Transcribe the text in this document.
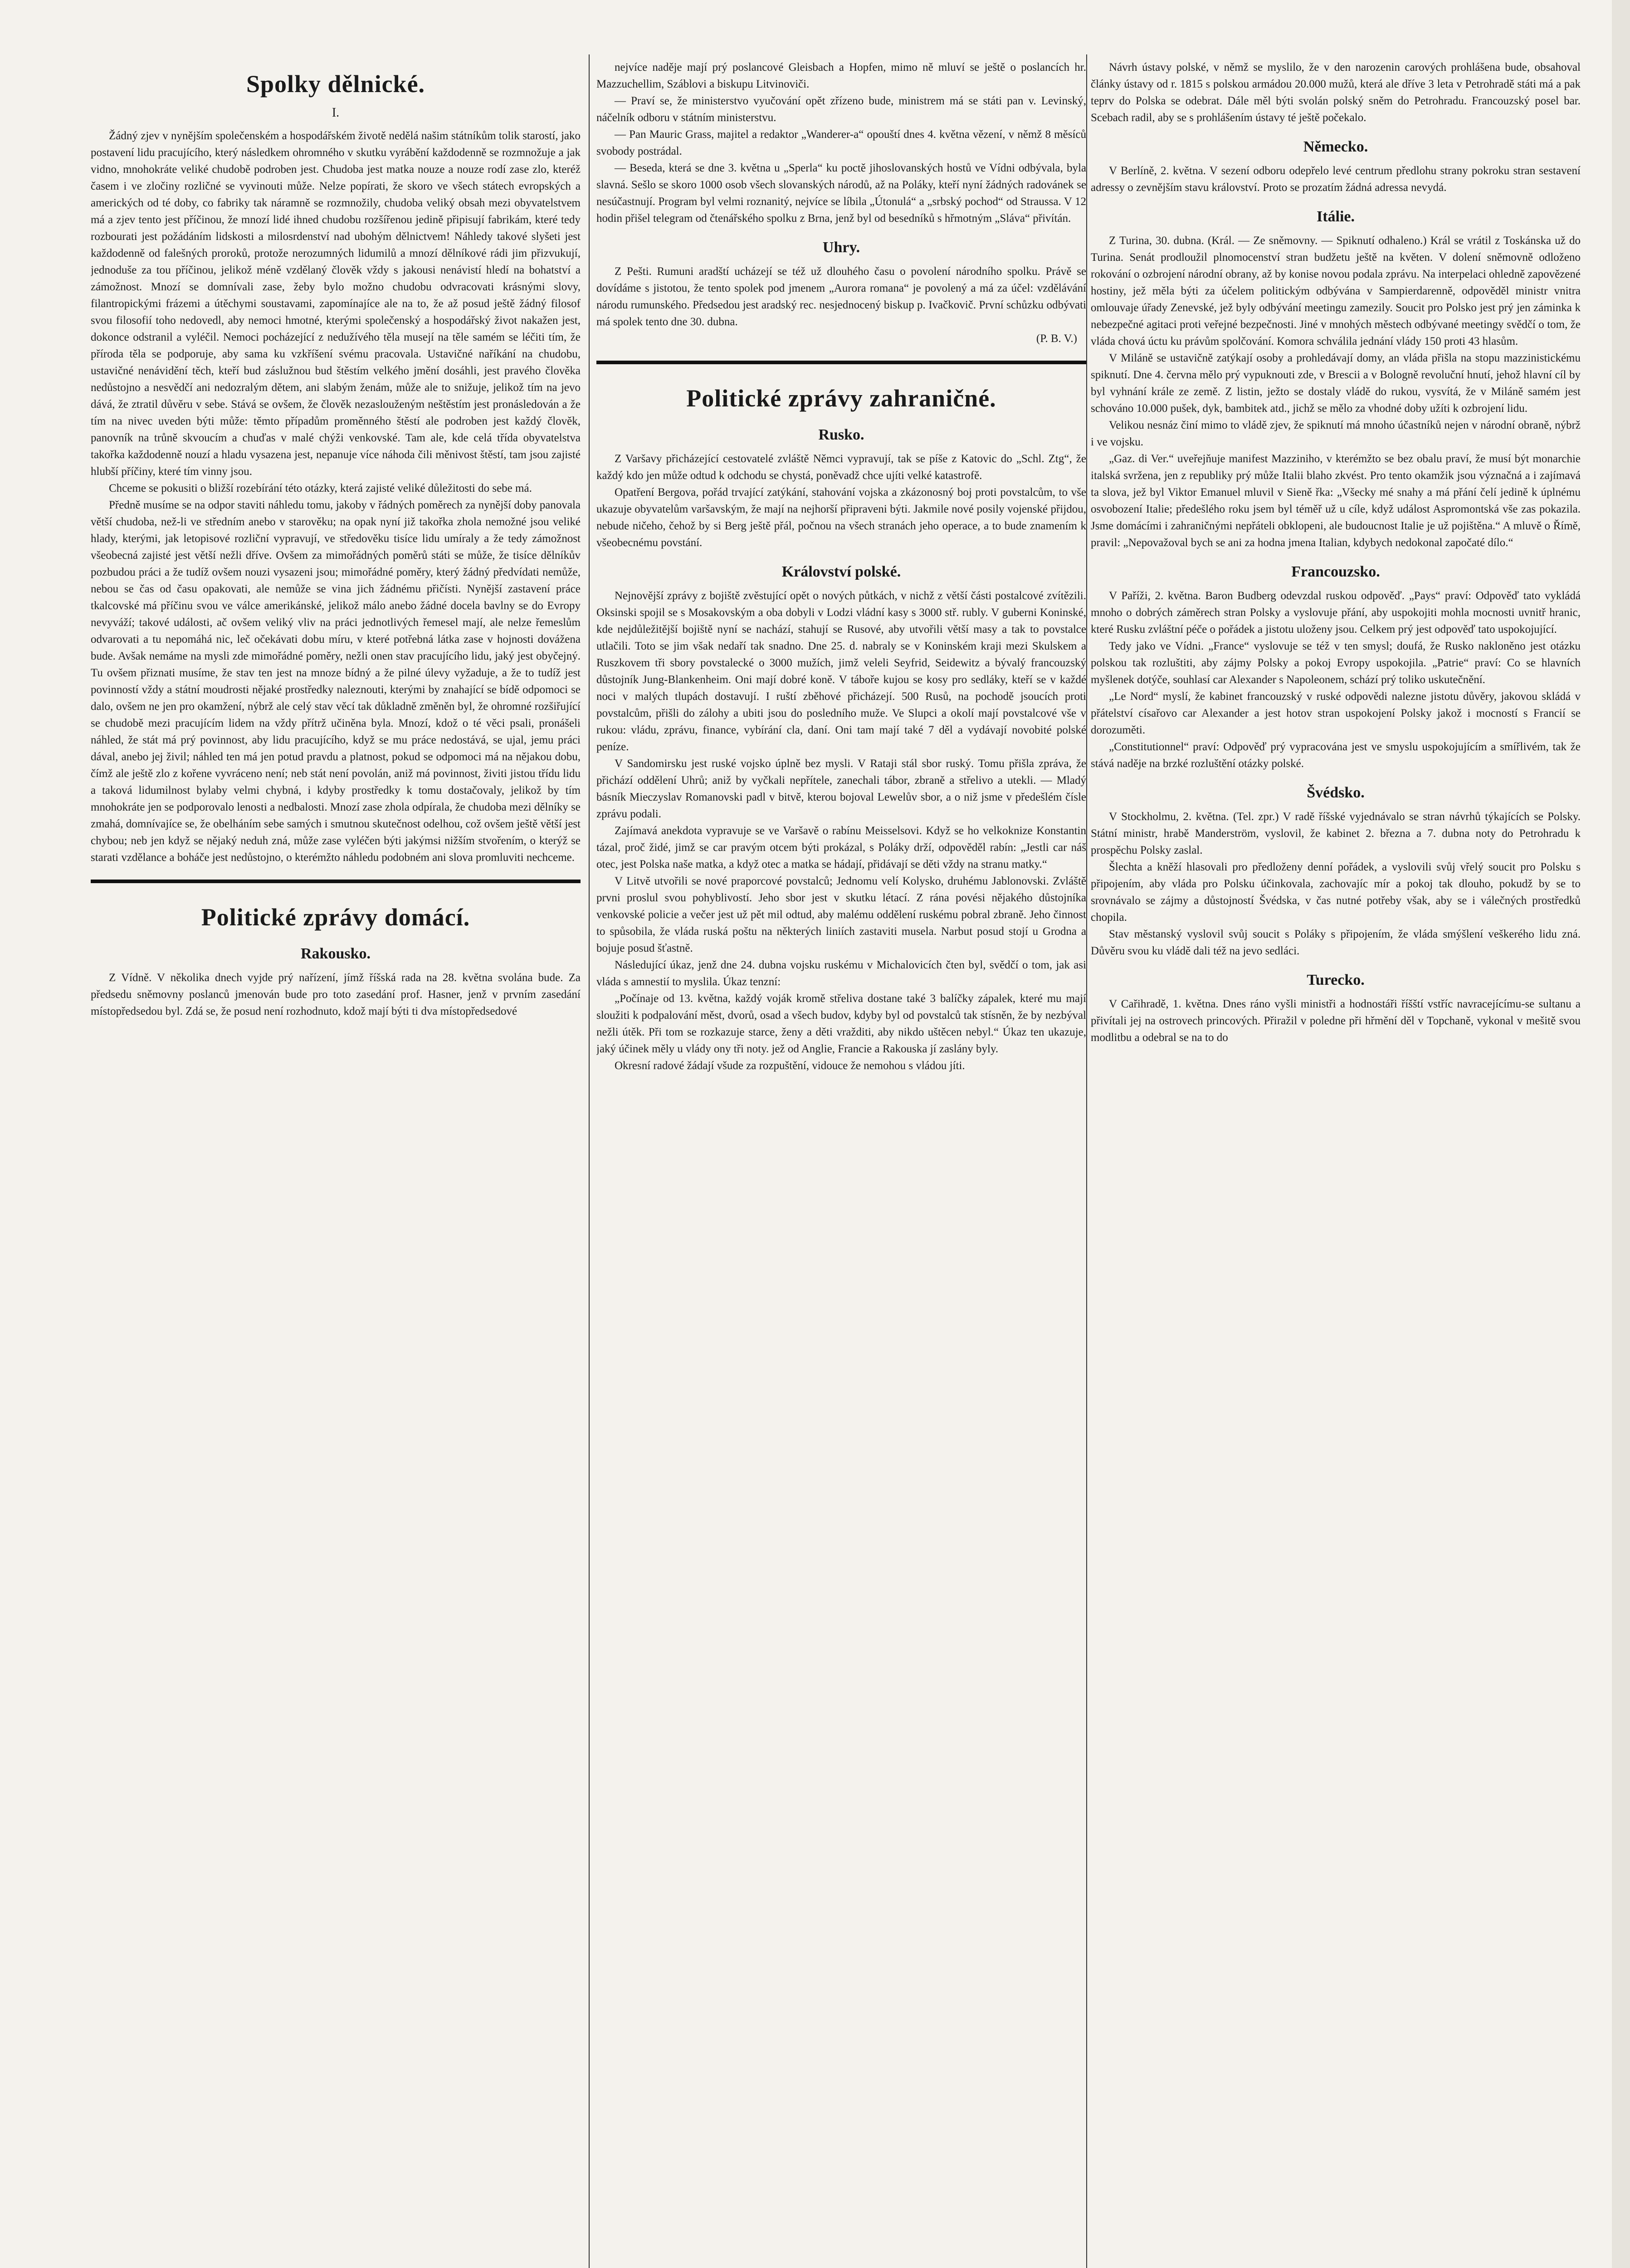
Spolky dělnické.
I.

Žádný zjev v nynějším společenském a hospodářském životě nedělá našim státníkům tolik starostí, jako postavení lidu pracujícího, který následkem ohromného v skutku vyrábění každodenně se rozmnožuje a jak vidno, mnohokráte veliké chudobě podroben jest. Chudoba jest matka nouze a nouze rodí zase zlo, kteréž časem i ve zločiny rozličné se vyvinouti může. Nelze popírati, že skoro ve všech státech evropských a amerických od té doby, co fabriky tak náramně se rozmnožily, chudoba veliký obsah mezi obyvatelstvem má a zjev tento jest příčinou, že mnozí lidé ihned chudobu rozšířenou jedině připisují fabrikám, které tedy rozbourati jest požádáním lidskosti a milosrdenství nad ubohým dělnictvem! Náhledy takové slyšeti jest každodenně od falešných proroků, protože nerozumných lidumilů a mnozí dělníkové rádi jim přizvukují, jednoduše za tou příčinou, jelikož méně vzdělaný člověk vždy s jakousi nenávistí hledí na bohatství a zámožnost. Mnozí se domnívali zase, žeby bylo možno chudobu odvracovati krásnými slovy, filantropickými frázemi a útěchymi soustavami, zapomínajíce ale na to, že až posud ještě žádný filosof svou filosofií toho nedovedl, aby nemoci hmotné, kterými společenský a hospodářský život nakažen jest, dokonce odstranil a vyléčil. Nemoci pocházející z nedužívého těla musejí na těle samém se léčiti tím, že příroda těla se podporuje, aby sama ku vzkříšení svému pracovala. Ustavičné naříkání na chudobu, ustavičné nenávidění těch, kteří bud záslužnou bud štěstím velkého jmění dosáhli, jest pravého člověka nedůstojno a nesvědčí ani nedozralým dětem, ani slabým ženám, může ale to snižuje, jelikož tím na jevo dává, že ztratil důvěru v sebe. Stává se ovšem, že člověk nezaslouženým neštěstím jest pronásledován a že tím na nivec uveden býti může: těmto případům proměnného štěstí ale podroben jest každý člověk, panovník na trůně skvoucím a chuďas v malé chýži venkovské. Tam ale, kde celá třída obyvatelstva takořka každodenně nouzí a hladu vysazena jest, nepanuje více náhoda čili měnivost štěstí, tam jsou zajisté hlubší příčiny, které tím vinny jsou.

Chceme se pokusiti o bližší rozebírání této otázky, která zajisté veliké důležitosti do sebe má.

Předně musíme se na odpor staviti náhledu tomu, jakoby v řádných poměrech za nynější doby panovala větší chudoba, než-li ve středním anebo v starověku; na opak nyní již takořka zhola nemožné jsou veliké hlady, kterými, jak letopisové rozliční vypravují, ve středověku tisíce lidu umíraly a že tedy zámožnost všeobecná zajisté jest větší nežli dříve. Ovšem za mimořádných poměrů státi se může, že tisíce dělníkův pozbudou práci a že tudíž ovšem nouzi vysazeni jsou; mimořádné poměry, který žádný předvídati nemůže, nebou se čas od času opakovati, ale nemůže se vina jich žádnému přičísti. Nynější zastavení práce tkalcovské má příčinu svou ve válce amerikánské, jelikož málo anebo žádné docela bavlny se do Evropy nevyváží; takové události, ač ovšem veliký vliv na práci jednotlivých řemesel mají, ale nelze řemeslům odvarovati a tu nepomáhá nic, leč očekávati dobu míru, v které potřebná látka zase v hojnosti dovážena bude. Avšak nemáme na mysli zde mimořádné poměry, nežli onen stav pracujícího lidu, jaký jest obyčejný. Tu ovšem přiznati musíme, že stav ten jest na mnoze bídný a že pilné úlevy vyžaduje, a že to tudíž jest povinností vždy a státní moudrosti nějaké prostředky naleznouti, kterými by znahající se bídě odpomoci se dalo, ovšem ne jen pro okamžení, nýbrž ale celý stav věcí tak důkladně změněn byl, že ohromné rozšiřující se chudobě mezi pracujícím lidem na vždy přítrž učiněna byla. Mnozí, kdož o té věci psali, pronášeli náhled, že stát má prý povinnost, aby lidu pracujícího, když se mu práce nedostává, se ujal, jemu práci dával, anebo jej živil; náhled ten má jen potud pravdu a platnost, pokud se odpomoci má na nějakou dobu, čímž ale ještě zlo z kořene vyvráceno není; neb stát není povolán, aniž má povinnost, živiti jistou třídu lidu a taková lidumilnost bylaby velmi chybná, i kdyby prostředky k tomu dostačovaly, jelikož by tím mnohokráte jen se podporovalo lenosti a nedbalosti. Mnozí zase zhola odpírala, že chudoba mezi dělníky se zmahá, domnívajíce se, že obelháním sebe samých i smutnou skutečnost odelhou, což ovšem ještě větší jest chybou; neb jen když se nějaký neduh zná, může zase vyléčen býti jakýmsi nižším stvořením, o kterýž se starati vzdělance a boháče jest nedůstojno, o kterémžto náhledu podobném ani slova promluviti nechceme.

Politické zprávy domácí.
Rakousko.

Z Vídně. V několika dnech vyjde prý nařízení, jímž říšská rada na 28. května svolána bude. Za předsedu sněmovny poslanců jmenován bude pro toto zasedání prof. Hasner, jenž v prvním zasedání místopředsedou byl. Zdá se, že posud není rozhodnuto, kdož mají býti ti dva místopředsedové

nejvíce naděje mají prý poslancové Gleisbach a Hopfen, mimo ně mluví se ještě o poslancích hr. Mazzuchellim, Száblovi a biskupu Litvinoviči.

— Praví se, že ministerstvo vyučování opět zřízeno bude, ministrem má se státi pan v. Levinský, náčelník odboru v státním ministerstvu.

— Pan Mauric Grass, majitel a redaktor „Wanderer-a“ opouští dnes 4. května vězení, v němž 8 měsíců svobody postrádal.

— Beseda, která se dne 3. května u „Sperla“ ku poctě jihoslovanských hostů ve Vídni odbývala, byla slavná. Sešlo se skoro 1000 osob všech slovanských národů, až na Poláky, kteří nyní žádných radovánek se nesúčastnují. Program byl velmi roznanitý, nejvíce se líbila „Útonulá“ a „srbský pochod“ od Straussa. V 12 hodin přišel telegram od čtenářského spolku z Brna, jenž byl od besedníků s hřmotným „Sláva“ přivítán.

Uhry.

Z Pešti. Rumuni aradští ucházejí se též už dlouhého času o povolení národního spolku. Právě se dovídáme s jistotou, že tento spolek pod jmenem „Aurora romana“ je povolený a má za účel: vzdělávání národu rumunského. Předsedou jest aradský rec. nesjednocený biskup p. Ivačkovič. První schůzku odbývati má spolek tento dne 30. dubna.

(P. B. V.)

Politické zprávy zahraničné.
Rusko.

Z Varšavy přicházející cestovatelé zvláště Němci vypravují, tak se píše z Katovic do „Schl. Ztg“, že každý kdo jen může odtud k odchodu se chystá, poněvadž chce ujíti velké katastrofě.

Opatření Bergova, pořád trvající zatýkání, stahování vojska a zkázonosný boj proti povstalcům, to vše ukazuje obyvatelům varšavským, že mají na nejhorší připraveni býti. Jakmile nové posily vojenské přijdou, nebude ničeho, čehož by si Berg ještě přál, počnou na všech stranách jeho operace, a to bude znamením k všeobecnému povstání.

Království polské.

Nejnovější zprávy z bojiště zvěstující opět o nových půtkách, v nichž z větší části postalcové zvítězili. Oksinski spojil se s Mosakovským a oba dobyli v Lodzi vládní kasy s 3000 stř. rubly. V guberni Koninské, kde nejdůležitější bojiště nyní se nachází, stahují se Rusové, aby utvořili větší masy a tak to povstalce utlačili. Toto se jim však nedaří tak snadno. Dne 25. d. nabraly se v Koninském kraji mezi Skulskem a Ruszkovem tři sbory povstalecké o 3000 mužích, jimž veleli Seyfrid, Seidewitz a bývalý francouzský důstojník Jung-Blankenheim. Oni mají dobré koně. V táboře kujou se kosy pro sedláky, kteří se v každé noci v malých tlupách dostavují. I ruští zběhové přicházejí. 500 Rusů, na pochodě jsoucích proti povstalcům, přišli do zálohy a ubiti jsou do posledního muže. Ve Slupci a okolí mají povstalcové vše v rukou: vládu, zprávu, finance, vybírání cla, daní. Oni tam mají také 7 děl a vydávají novobité polské peníze.

V Sandomirsku jest ruské vojsko úplně bez mysli. V Rataji stál sbor ruský. Tomu přišla zpráva, že přichází oddělení Uhrů; aniž by vyčkali nepřítele, zanechali tábor, zbraně a střelivo a utekli. — Mladý básník Mieczyslav Romanovski padl v bitvě, kterou bojoval Lewelův sbor, a o niž jsme v předešlém čísle zprávu podali.

Zajímavá anekdota vypravuje se ve Varšavě o rabínu Meisselsovi. Když se ho velkoknize Konstantin tázal, proč židé, jimž se car pravým otcem býti prokázal, s Poláky drží, odpověděl rabín: „Jestli car náš otec, jest Polska naše matka, a když otec a matka se hádají, přidávají se děti vždy na stranu matky.“

V Litvě utvořili se nové praporcové povstalců; Jednomu velí Kolysko, druhému Jablonovski. Zvláště prvni proslul svou pohyblivostí. Jeho sbor jest v skutku létací. Z rána povési nějakého důstojníka venkovské policie a večer jest už pět mil odtud, aby malému oddělení ruskému pobral zbraně. Jeho činnost to spůsobila, že vláda ruská poštu na některých liniích zastaviti musela. Narbut posud stojí u Grodna a bojuje posud šťastně.

Následující úkaz, jenž dne 24. dubna vojsku ruskému v Michalovicích čten byl, svědčí o tom, jak asi vláda s amnestií to myslila. Úkaz tenzní:

„Počínaje od 13. května, každý voják kromě střeliva dostane také 3 balíčky zápalek, které mu mají sloužiti k podpalování měst, dvorů, osad a všech budov, kdyby byl od povstalců tak stísněn, že by nezbýval nežli útěk. Při tom se rozkazuje starce, ženy a děti vražditi, aby nikdo uštěcen nebyl.“ Úkaz ten ukazuje, jaký účinek měly u vlády ony tři noty. jež od Anglie, Francie a Rakouska jí zaslány byly.

Okresní radové žádají všude za rozpuštění, vidouce že nemohou s vládou jíti.

Návrh ústavy polské, v němž se myslilo, že v den narozenin carových prohlášena bude, obsahoval články ústavy od r. 1815 s polskou armádou 20.000 mužů, která ale dříve 3 leta v Petrohradě státi má a pak teprv do Polska se odebrat. Dále měl býti svolán polský sněm do Petrohradu. Francouzský posel bar. Scebach radil, aby se s prohlášením ústavy té ještě počekalo.

Německo.

V Berlíně, 2. května. V sezení odboru odepřelo levé centrum předlohu strany pokroku stran sestavení adressy o zevnějším stavu království. Proto se prozatím žádná adressa nevydá.

Itálie.

Z Turina, 30. dubna. (Král. — Ze sněmovny. — Spiknutí odhaleno.) Král se vrátil z Toskánska už do Turina. Senát prodloužil plnomocenství stran budžetu ještě na květen. V dolení sněmovně odloženo rokování o ozbrojení národní obrany, až by konise novou podala zprávu. Na interpelaci ohledně zapovězené hostiny, jež měla býti za účelem politickým odbývána v Sampierdarenně, odpověděl ministr vnitra omlouvaje úřady Zenevské, jež byly odbývání meetingu zamezily. Soucit pro Polsko jest prý jen záminka k nebezpečné agitaci proti veřejné bezpečnosti. Jiné v mnohých městech odbývané meetingy svědčí o tom, že vláda chová úctu ku právům spolčování. Komora schválila jednání vlády 150 proti 43 hlasům.

V Miláně se ustavičně zatýkají osoby a prohledávají domy, an vláda přišla na stopu mazzinistickému spiknutí. Dne 4. června mělo prý vypuknouti zde, v Brescii a v Bologně revoluční hnutí, jehož hlavní cíl by byl vyhnání krále ze země. Z listin, ježto se dostaly vládě do rukou, vysvítá, že v Miláně samém jest schováno 10.000 pušek, dyk, bambitek atd., jichž se mělo za vhodné doby užíti k ozbrojení lidu.

Velikou nesnáz činí mimo to vládě zjev, že spiknutí má mnoho účastníků nejen v národní obraně, nýbrž i ve vojsku.

„Gaz. di Ver.“ uveřejňuje manifest Mazziniho, v kterémžto se bez obalu praví, že musí být monarchie italská svržena, jen z republiky prý může Italii blaho zkvést. Pro tento okamžik jsou význačná a i zajímavá ta slova, jež byl Viktor Emanuel mluvil v Sieně řka: „Všecky mé snahy a má přání čelí jedině k úplnému osvobození Italie; předešlého roku jsem byl téměř už u cíle, když událost Aspromontská vše zas pokazila. Jsme domácími i zahraničnými nepřáteli obklopeni, ale budoucnost Italie je už pojištěna.“ A mluvě o Římě, pravil: „Nepovažoval bych se ani za hodna jmena Italian, kdybych nedokonal započaté dílo.“

Francouzsko.

V Paříži, 2. května. Baron Budberg odevzdal ruskou odpověď. „Pays“ praví: Odpověď tato vykládá mnoho o dobrých záměrech stran Polsky a vyslovuje přání, aby uspokojiti mohla mocnosti uvnitř hranic, které Rusku zvláštní péče o pořádek a jistotu uloženy jsou. Celkem prý jest odpověď tato uspokojující.

Tedy jako ve Vídni. „France“ vyslovuje se též v ten smysl; doufá, že Rusko nakloněno jest otázku polskou tak rozluštiti, aby zájmy Polsky a pokoj Evropy uspokojila. „Patrie“ praví: Co se hlavních myšlenek dotýče, souhlasí car Alexander s Napoleonem, schází prý toliko uskutečnění.

„Le Nord“ myslí, že kabinet francouzský v ruské odpovědi nalezne jistotu důvěry, jakovou skládá v přátelství císařovo car Alexander a jest hotov stran uspokojení Polsky jakož i mocností s Francií se dorozuměti.

„Constitutionnel“ praví: Odpověď prý vypracována jest ve smyslu uspokojujícím a smířlivém, tak že stává naděje na brzké rozluštění otázky polské.

Švédsko.

V Stockholmu, 2. května. (Tel. zpr.) V radě říšské vyjednávalo se stran návrhů týkajících se Polsky. Státní ministr, hrabě Manderström, vyslovil, že kabinet 2. března a 7. dubna noty do Petrohradu k prospěchu Polsky zaslal.

Šlechta a kněží hlasovali pro předloženy denní pořádek, a vyslovili svůj vřelý soucit pro Polsku s připojením, aby vláda pro Polsku účinkovala, zachovajíc mír a pokoj tak dlouho, pokudž by se to srovnávalo se zájmy a důstojností Švédska, v čas nutné potřeby však, aby se i válečných prostředků chopila.

Stav městanský vyslovil svůj soucit s Poláky s připojením, že vláda smýšlení veškerého lidu zná. Důvěru svou ku vládě dali též na jevo sedláci.

Turecko.

V Cařihradě, 1. května. Dnes ráno vyšli ministři a hodnostáři říšští vstříc navracejícímu-se sultanu a přivítali jej na ostrovech princových. Přiražil v poledne při hřmění děl v Topchaně, vykonal v mešitě svou modlitbu a odebral se na to do
